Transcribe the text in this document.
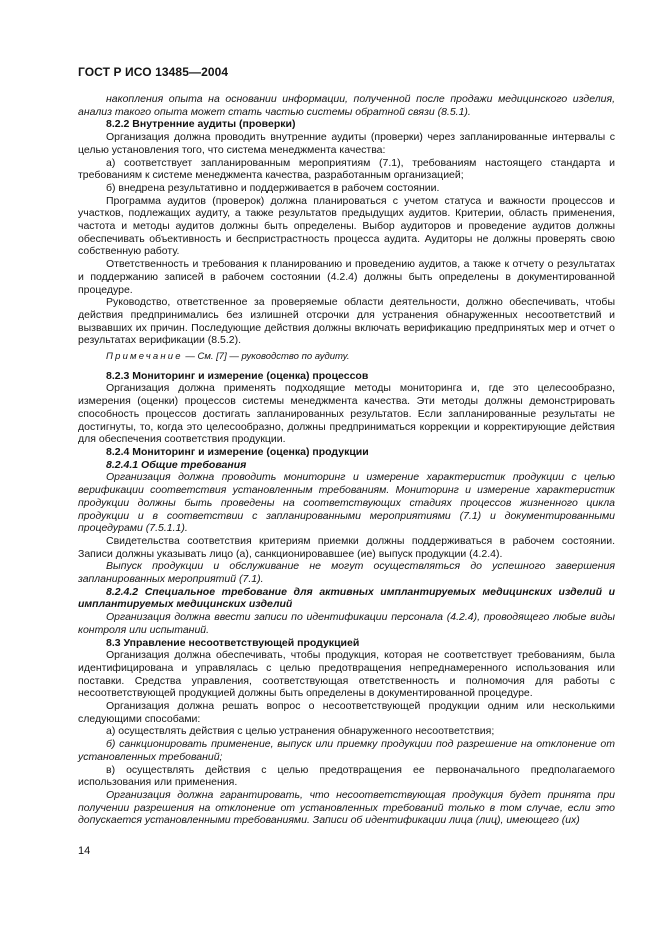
ГОСТ Р ИСО 13485—2004

накопления опыта на основании информации, полученной после продажи медицинского изделия, анализ такого опыта может стать частью системы обратной связи (8.5.1).

8.2.2 Внутренние аудиты (проверки)

Организация должна проводить внутренние аудиты (проверки) через запланированные интервалы с целью установления того, что система менеджмента качества:

а) соответствует запланированным мероприятиям (7.1), требованиям настоящего стандарта и требованиям к системе менеджмента качества, разработанным организацией;

б) внедрена результативно и поддерживается в рабочем состоянии.

Программа аудитов (проверок) должна планироваться с учетом статуса и важности процессов и участков, подлежащих аудиту, а также результатов предыдущих аудитов. Критерии, область применения, частота и методы аудитов должны быть определены. Выбор аудиторов и проведение аудитов должны обеспечивать объективность и беспристрастность процесса аудита. Аудиторы не должны проверять свою собственную работу.

Ответственность и требования к планированию и проведению аудитов, а также к отчету о результатах и поддержанию записей в рабочем состоянии (4.2.4) должны быть определены в документированной процедуре.

Руководство, ответственное за проверяемые области деятельности, должно обеспечивать, чтобы действия предпринимались без излишней отсрочки для устранения обнаруженных несоответствий и вызвавших их причин. Последующие действия должны включать верификацию предпринятых мер и отчет о результатах верификации (8.5.2).

Примечание — См. [7] — руководство по аудиту.

8.2.3 Мониторинг и измерение (оценка) процессов

Организация должна применять подходящие методы мониторинга и, где это целесообразно, измерения (оценки) процессов системы менеджмента качества. Эти методы должны демонстрировать способность процессов достигать запланированных результатов. Если запланированные результаты не достигнуты, то, когда это целесообразно, должны предприниматься коррекции и корректирующие действия для обеспечения соответствия продукции.

8.2.4 Мониторинг и измерение (оценка) продукции

8.2.4.1 Общие требования

Организация должна проводить мониторинг и измерение характеристик продукции с целью верификации соответствия установленным требованиям. Мониторинг и измерение характеристик продукции должны быть проведены на соответствующих стадиях процессов жизненного цикла продукции и в соответствии с запланированными мероприятиями (7.1) и документированными процедурами (7.5.1.1).

Свидетельства соответствия критериям приемки должны поддерживаться в рабочем состоянии. Записи должны указывать лицо (а), санкционировавшее (ие) выпуск продукции (4.2.4).

Выпуск продукции и обслуживание не могут осуществляться до успешного завершения запланированных мероприятий (7.1).

8.2.4.2 Специальное требование для активных имплантируемых медицинских изделий и имплантируемых медицинских изделий

Организация должна ввести записи по идентификации персонала (4.2.4), проводящего любые виды контроля или испытаний.

8.3 Управление несоответствующей продукцией

Организация должна обеспечивать, чтобы продукция, которая не соответствует требованиям, была идентифицирована и управлялась с целью предотвращения непреднамеренного использования или поставки. Средства управления, соответствующая ответственность и полномочия для работы с несоответствующей продукцией должны быть определены в документированной процедуре.

Организация должна решать вопрос о несоответствующей продукции одним или несколькими следующими способами:

а) осуществлять действия с целью устранения обнаруженного несоответствия;

б) санкционировать применение, выпуск или приемку продукции под разрешение на отклонение от установленных требований;

в) осуществлять действия с целью предотвращения ее первоначального предполагаемого использования или применения.

Организация должна гарантировать, что несоответствующая продукция будет принята при получении разрешения на отклонение от установленных требований только в том случае, если это допускается установленными требованиями. Записи об идентификации лица (лиц), имеющего (их)

14
